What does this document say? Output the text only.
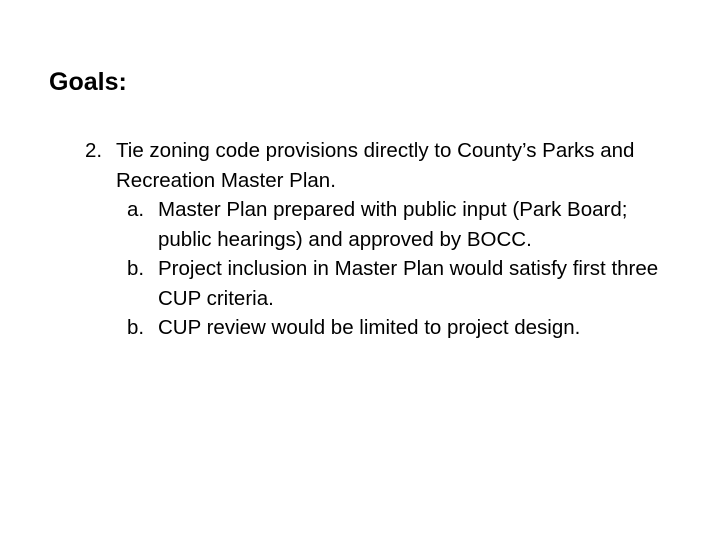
Goals:
2. Tie zoning code provisions directly to County’s Parks and Recreation Master Plan.
a. Master Plan prepared with public input (Park Board; public hearings) and approved by BOCC.
b. Project inclusion in Master Plan would satisfy first three CUP criteria.
b. CUP review would be limited to project design.
